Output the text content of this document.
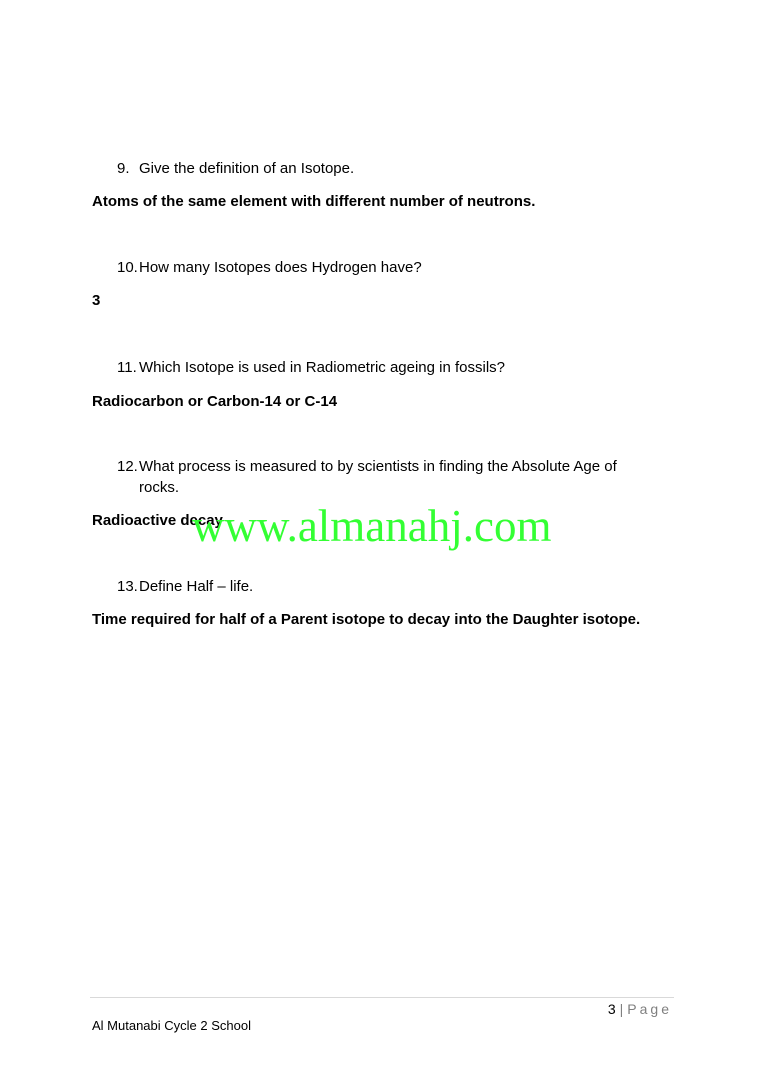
9. Give the definition of an Isotope.
Atoms of the same element with different number of neutrons.
10. How many Isotopes does Hydrogen have?
3
11. Which Isotope is used in Radiometric ageing in fossils?
Radiocarbon or Carbon-14 or C-14
12. What process is measured to by scientists in finding the Absolute Age of rocks.
Radioactive decay
13. Define Half – life.
Time required for half of a Parent isotope to decay into the Daughter isotope.
www.almanahj.com
3 | Page
Al Mutanabi Cycle 2 School
